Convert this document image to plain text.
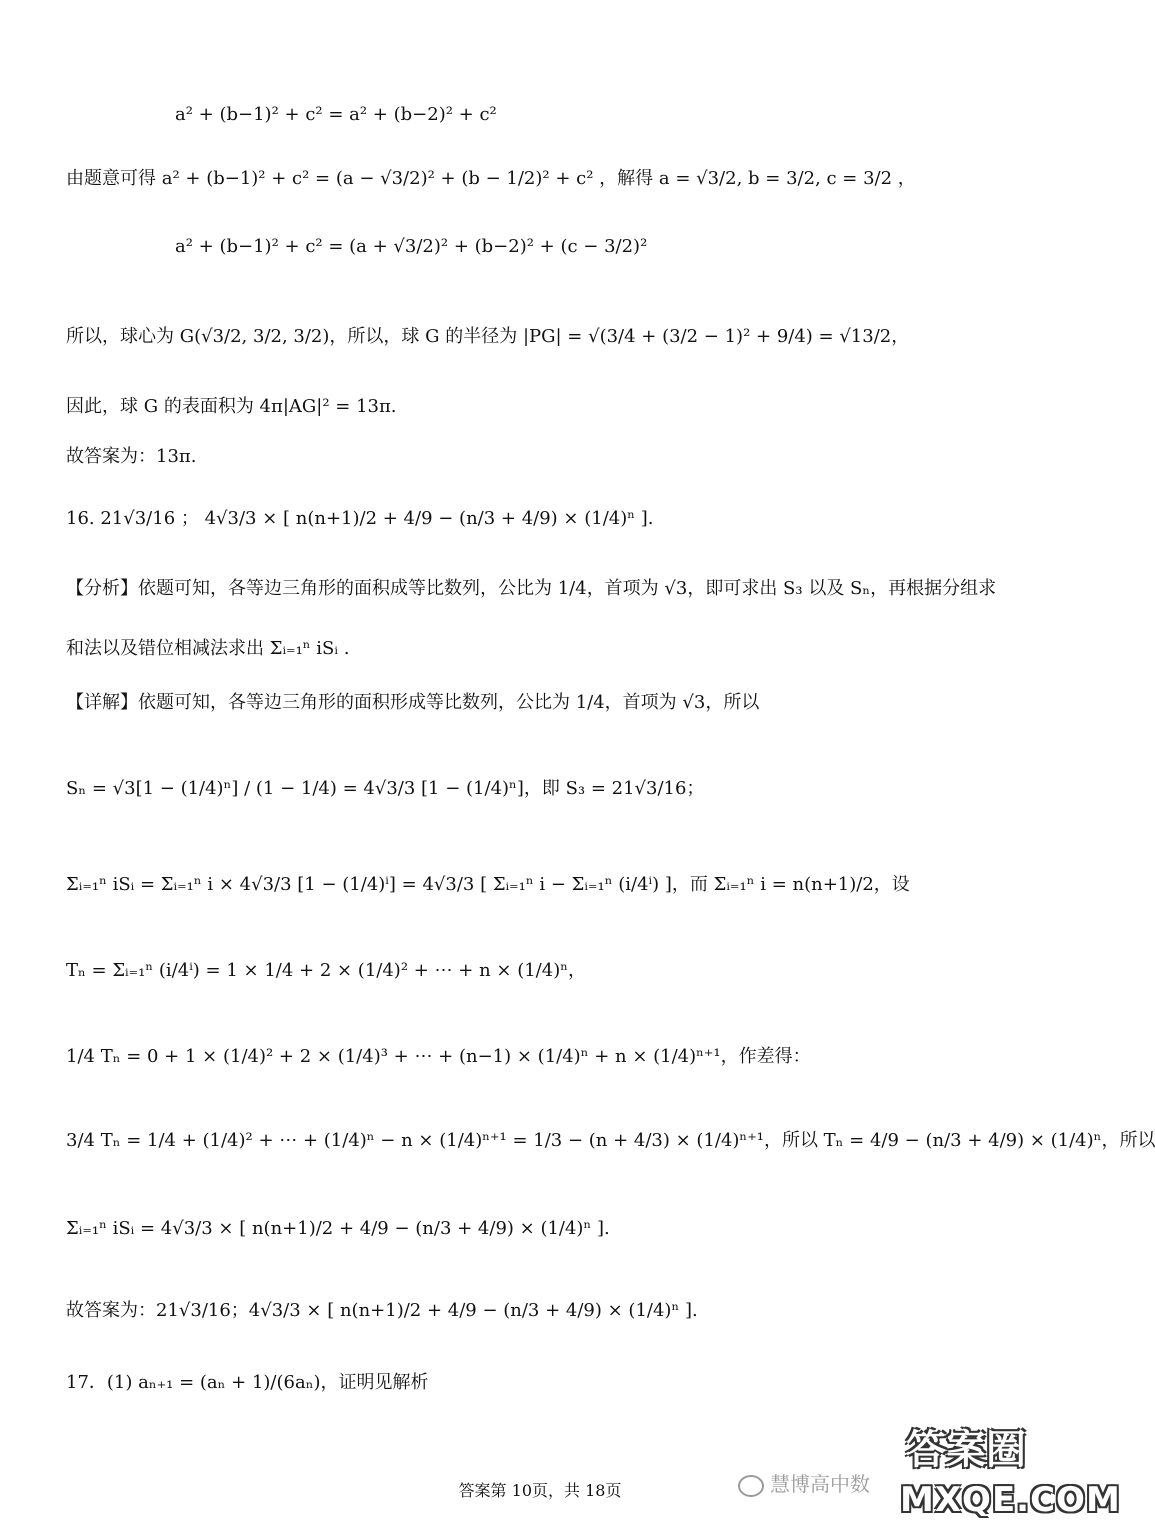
a² + (b−1)² + c² = a² + (b−2)² + c²
由题意可得 a² + (b−1)² + c² = (a − √3/2)² + (b − 1/2)² + c² ，解得 a = √3/2, b = 3/2, c = 3/2 ，
a² + (b−1)² + c² = (a + √3/2)² + (b−2)² + (c − 3/2)²
所以，球心为 G(√3/2, 3/2, 3/2)，所以，球 G 的半径为 |PG| = √(3/4 + (3/2 − 1)² + 9/4) = √13/2，
因此，球 G 的表面积为 4π|AG|² = 13π.
故答案为：13π.
16. 21√3/16 ； 4√3/3 × [ n(n+1)/2 + 4/9 − (n/3 + 4/9) × (1/4)ⁿ ].
【分析】依题可知，各等边三角形的面积成等比数列，公比为 1/4，首项为 √3，即可求出 S₃ 以及 Sₙ，再根据分组求
和法以及错位相减法求出 Σᵢ₌₁ⁿ iSᵢ .
【详解】依题可知，各等边三角形的面积形成等比数列，公比为 1/4，首项为 √3，所以
Sₙ = √3[1 − (1/4)ⁿ] / (1 − 1/4) = 4√3/3 [1 − (1/4)ⁿ]，即 S₃ = 21√3/16；
Σᵢ₌₁ⁿ iSᵢ = Σᵢ₌₁ⁿ i × 4√3/3 [1 − (1/4)ⁱ] = 4√3/3 [ Σᵢ₌₁ⁿ i − Σᵢ₌₁ⁿ (i/4ⁱ) ]，而 Σᵢ₌₁ⁿ i = n(n+1)/2，设
Tₙ = Σᵢ₌₁ⁿ (i/4ⁱ) = 1 × 1/4 + 2 × (1/4)² + ⋯ + n × (1/4)ⁿ，
1/4 Tₙ = 0 + 1 × (1/4)² + 2 × (1/4)³ + ⋯ + (n−1) × (1/4)ⁿ + n × (1/4)ⁿ⁺¹，作差得：
3/4 Tₙ = 1/4 + (1/4)² + ⋯ + (1/4)ⁿ − n × (1/4)ⁿ⁺¹ = 1/3 − (n + 4/3) × (1/4)ⁿ⁺¹，所以 Tₙ = 4/9 − (n/3 + 4/9) × (1/4)ⁿ，所以
Σᵢ₌₁ⁿ iSᵢ = 4√3/3 × [ n(n+1)/2 + 4/9 − (n/3 + 4/9) × (1/4)ⁿ ].
故答案为：21√3/16；4√3/3 × [ n(n+1)/2 + 4/9 − (n/3 + 4/9) × (1/4)ⁿ ].
17．(1) aₙ₊₁ = (aₙ + 1)/(6aₙ)，证明见解析
答案第 10页，共 18页	慧博高中数
答案圈
MXQE.COM
